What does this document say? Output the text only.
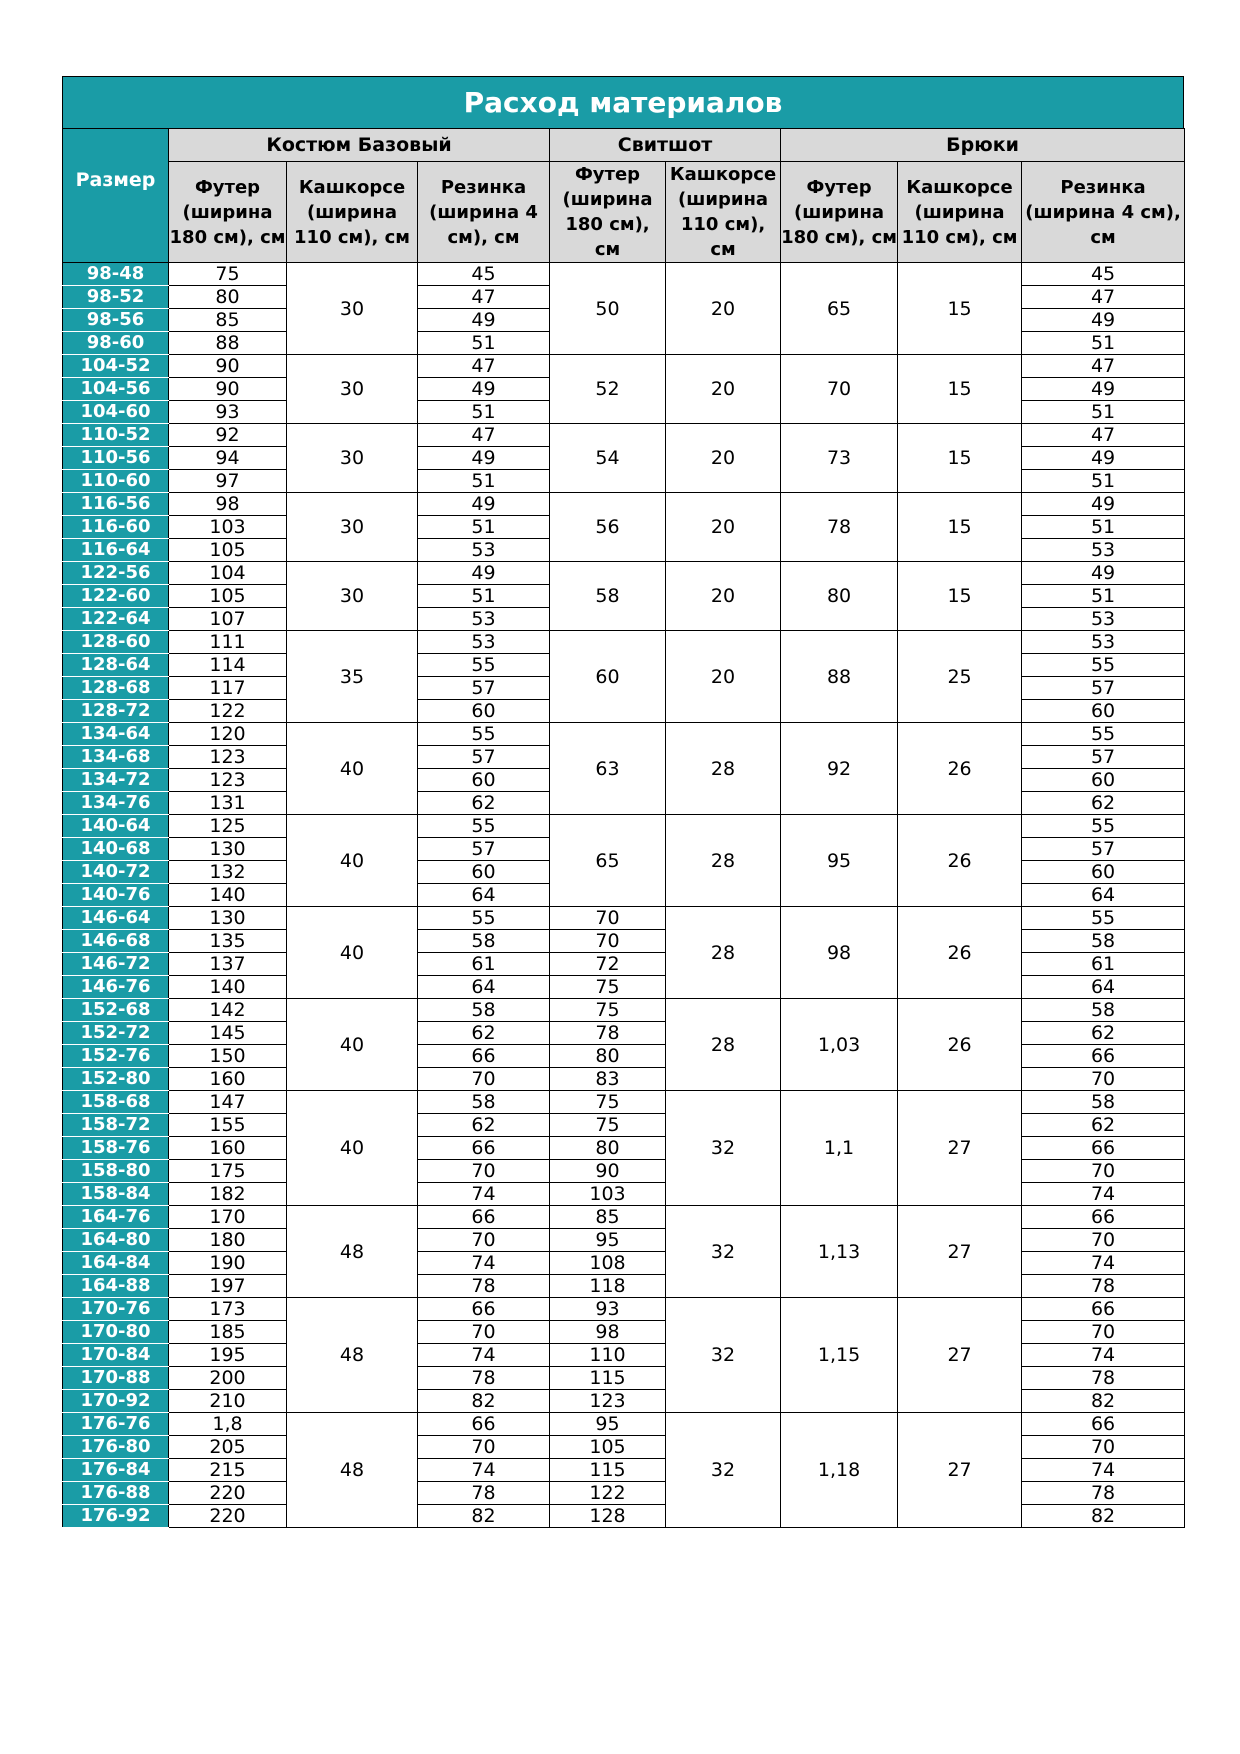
Расход материалов
Размер	Костюм Базовый			Свитшот		Брюки		
	Футер (ширина 180 см), см	Кашкорсе (ширина 110 см), см	Резинка (ширина 4 см), см	Футер (ширина 180 см), см	Кашкорсе (ширина 110 см), см	Футер (ширина 180 см), см	Кашкорсе (ширина 110 см), см	Резинка (ширина 4 см), см
98-48	75	30	45	50	20	65	15	45
98-52	80		47					47
98-56	85		49					49
98-60	88		51					51
104-52	90	30	47	52	20	70	15	47
104-56	90		49					49
104-60	93		51					51
110-52	92	30	47	54	20	73	15	47
110-56	94		49					49
110-60	97		51					51
116-56	98	30	49	56	20	78	15	49
116-60	103		51					51
116-64	105		53					53
122-56	104	30	49	58	20	80	15	49
122-60	105		51					51
122-64	107		53					53
128-60	111	35	53	60	20	88	25	53
128-64	114		55					55
128-68	117		57					57
128-72	122		60					60
134-64	120	40	55	63	28	92	26	55
134-68	123		57					57
134-72	123		60					60
134-76	131		62					62
140-64	125	40	55	65	28	95	26	55
140-68	130		57					57
140-72	132		60					60
140-76	140		64					64
146-64	130	40	55	70	28	98	26	55
146-68	135		58	70				58
146-72	137		61	72				61
146-76	140		64	75				64
152-68	142	40	58	75	28	1,03	26	58
152-72	145		62	78				62
152-76	150		66	80				66
152-80	160		70	83				70
158-68	147	40	58	75	32	1,1	27	58
158-72	155		62	75				62
158-76	160		66	80				66
158-80	175		70	90				70
158-84	182		74	103				74
164-76	170	48	66	85	32	1,13	27	66
164-80	180		70	95				70
164-84	190		74	108				74
164-88	197		78	118				78
170-76	173	48	66	93	32	1,15	27	66
170-80	185		70	98				70
170-84	195		74	110				74
170-88	200		78	115				78
170-92	210		82	123				82
176-76	1,8	48	66	95	32	1,18	27	66
176-80	205		70	105				70
176-84	215		74	115				74
176-88	220		78	122				78
176-92	220		82	128				82
